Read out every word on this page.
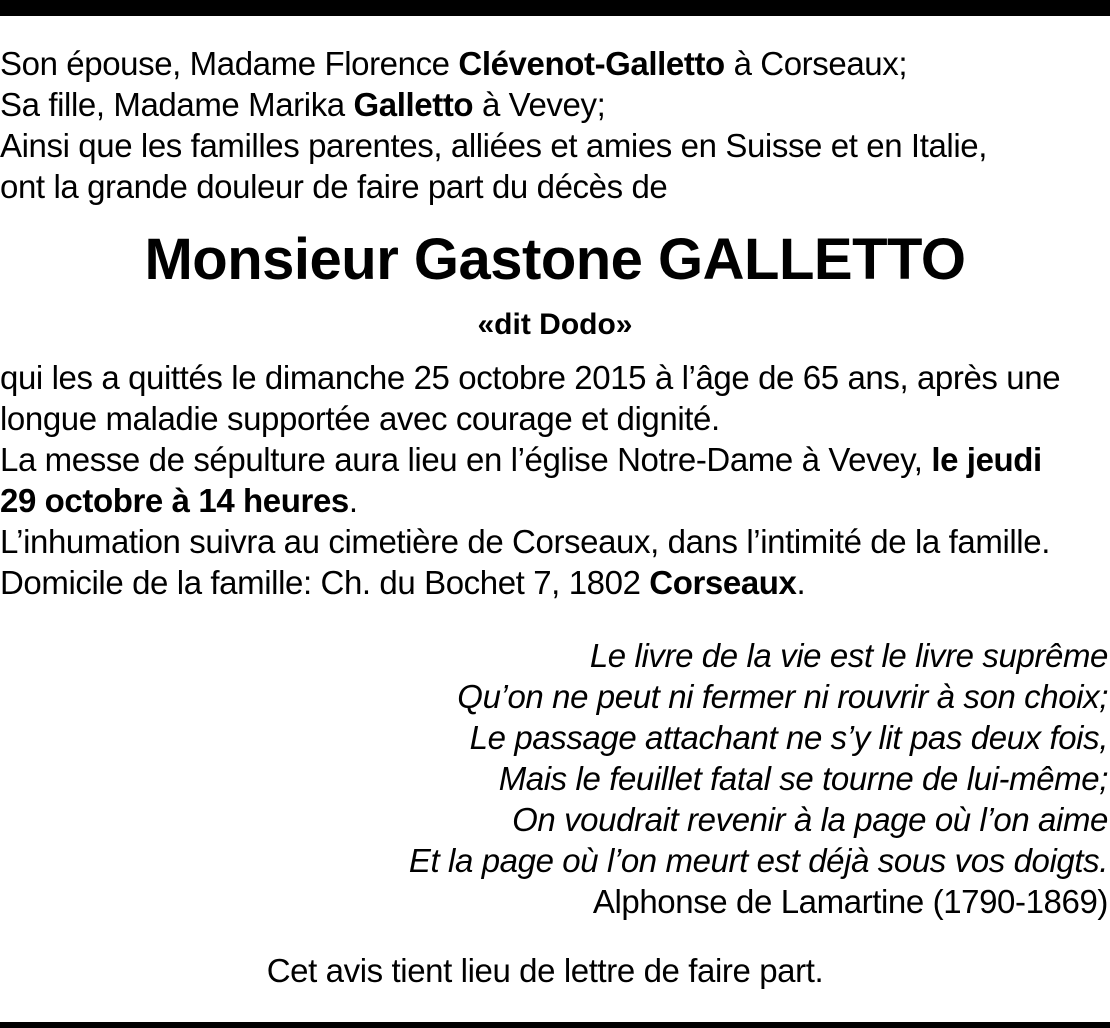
Son épouse, Madame Florence Clévenot-Galletto à Corseaux;
Sa fille, Madame Marika Galletto à Vevey;
Ainsi que les familles parentes, alliées et amies en Suisse et en Italie,
ont la grande douleur de faire part du décès de
Monsieur Gastone GALLETTO
«dit Dodo»
qui les a quittés le dimanche 25 octobre 2015 à l’âge de 65 ans, après une
longue maladie supportée avec courage et dignité.
La messe de sépulture aura lieu en l’église Notre-Dame à Vevey, le jeudi
29 octobre à 14 heures.
L’inhumation suivra au cimetière de Corseaux, dans l’intimité de la famille.
Domicile de la famille: Ch. du Bochet 7, 1802 Corseaux.
Le livre de la vie est le livre suprême
Qu’on ne peut ni fermer ni rouvrir à son choix;
Le passage attachant ne s’y lit pas deux fois,
Mais le feuillet fatal se tourne de lui-même;
On voudrait revenir à la page où l’on aime
Et la page où l’on meurt est déjà sous vos doigts.
Alphonse de Lamartine (1790-1869)
Cet avis tient lieu de lettre de faire part.
